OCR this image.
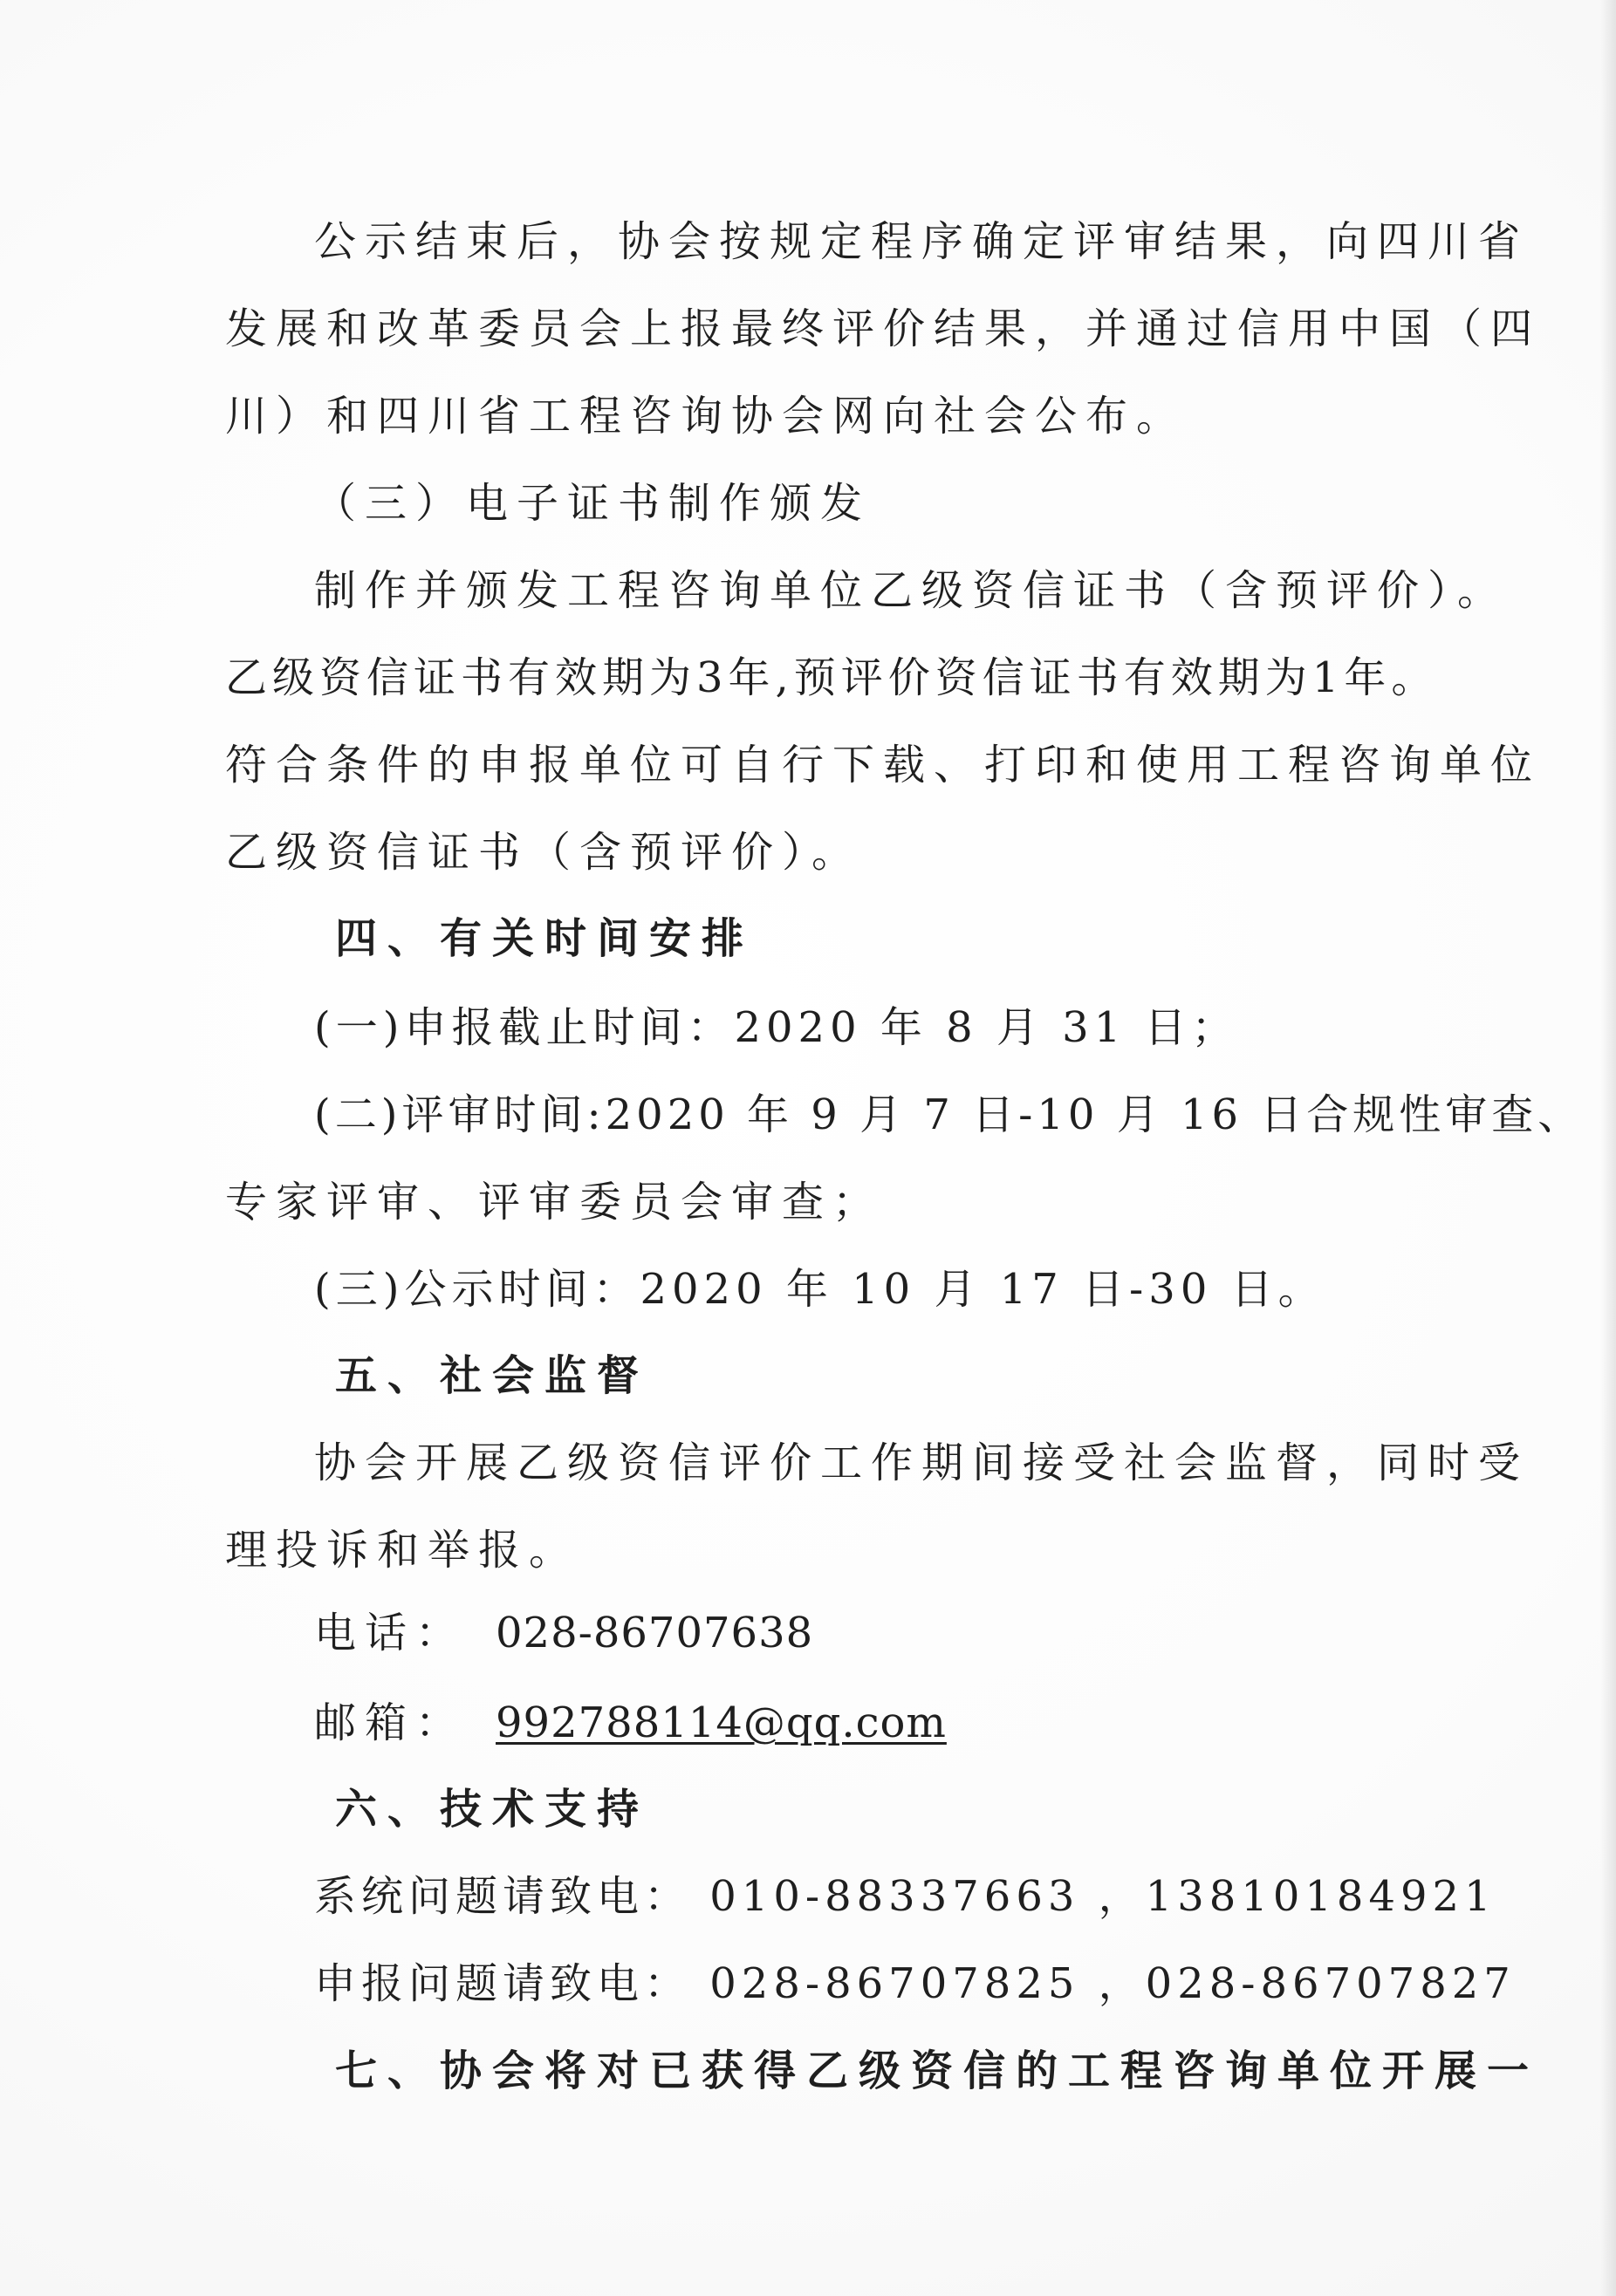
公示结束后，协会按规定程序确定评审结果，向四川省
发展和改革委员会上报最终评价结果，并通过信用中国（四
川）和四川省工程咨询协会网向社会公布。
（三）电子证书制作颁发
制作并颁发工程咨询单位乙级资信证书（含预评价）。
乙级资信证书有效期为3年,预评价资信证书有效期为1年。
符合条件的申报单位可自行下载、打印和使用工程咨询单位
乙级资信证书（含预评价）。
四、有关时间安排
(一)申报截止时间：2020 年 8 月 31 日；
(二)评审时间:2020 年 9 月 7 日-10 月 16 日合规性审查、
专家评审、评审委员会审查；
(三)公示时间：2020 年 10 月 17 日-30 日。
五、社会监督
协会开展乙级资信评价工作期间接受社会监督，同时受
理投诉和举报。
电话： 028-86707638
邮箱： 992788114@qq.com
六、技术支持
系统问题请致电： 010-88337663 ，13810184921
申报问题请致电： 028-86707825 ，028-86707827
七、协会将对已获得乙级资信的工程咨询单位开展一
